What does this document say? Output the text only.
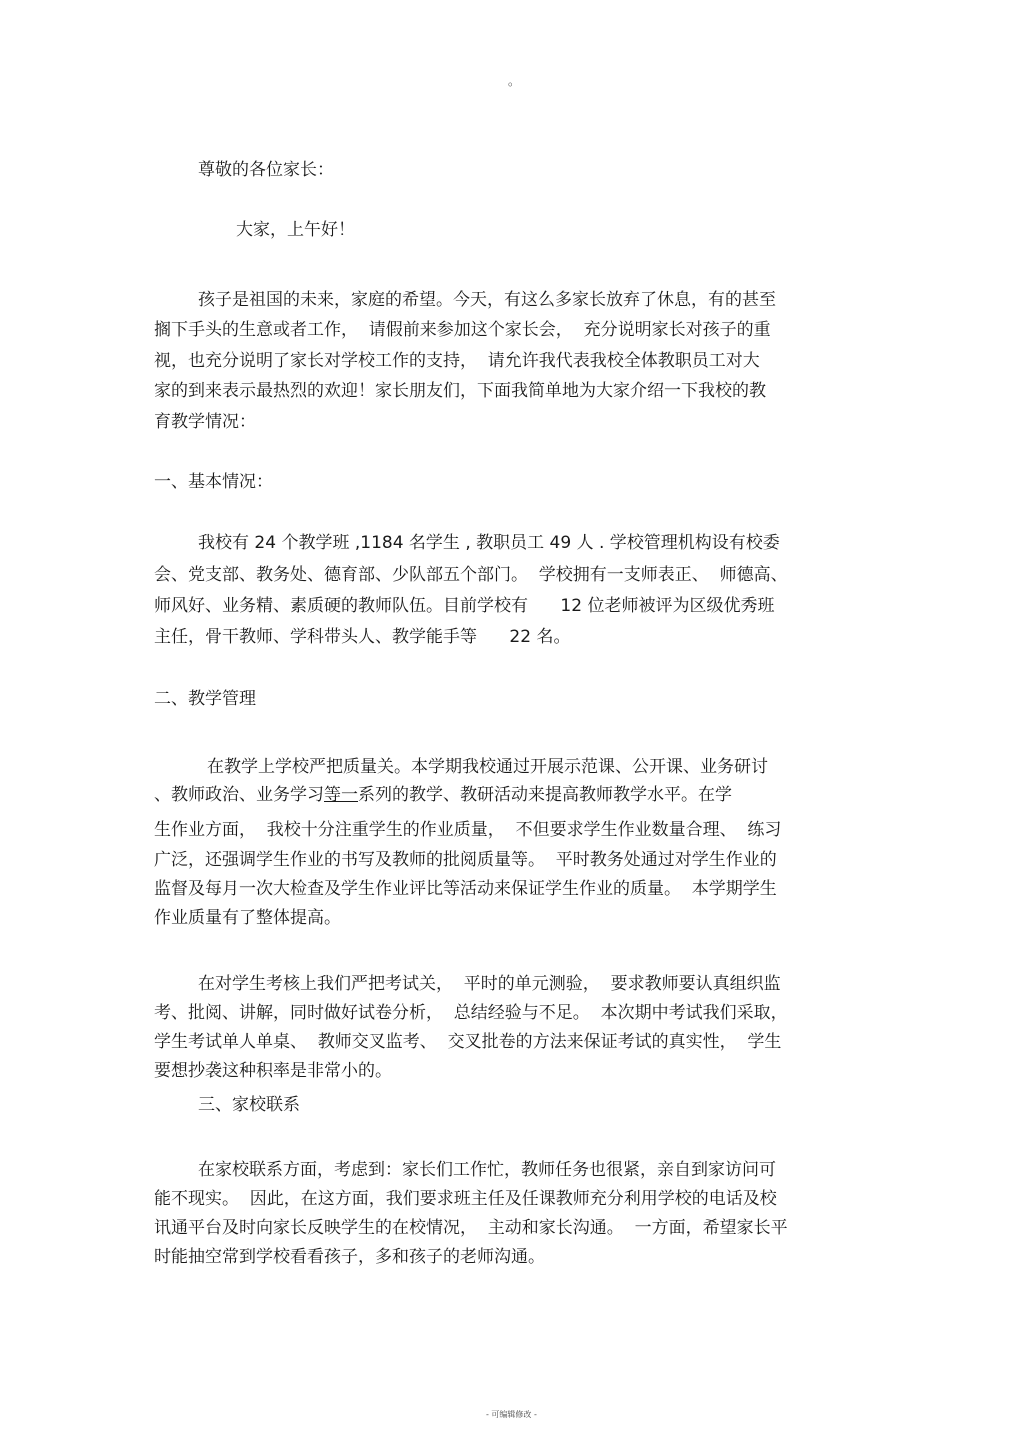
。
尊敬的各位家长：
大家，上午好！
孩子是祖国的未来，家庭的希望。今天，有这么多家长放弃了休息，有的甚至
搁下手头的生意或者工作，  请假前来参加这个家长会，  充分说明家长对孩子的重
视，也充分说明了家长对学校工作的支持，  请允许我代表我校全体教职员工对大
家的到来表示最热烈的欢迎！家长朋友们，下面我简单地为大家介绍一下我校的教
育教学情况：
一、基本情况：
我校有 24 个教学班 ,1184 名学生 , 教职员工 49 人 . 学校管理机构设有校委
会、党支部、教务处、德育部、少队部五个部门。  学校拥有一支师表正、  师德高、
师风好、业务精、素质硬的教师队伍。目前学校有      12 位老师被评为区级优秀班
主任，骨干教师、学科带头人、教学能手等      22 名。
二、教学管理
在教学上学校严把质量关。本学期我校通过开展示范课、公开课、业务研讨
、教师政治、业务学习等一系列的教学、教研活动来提高教师教学水平。在学
生作业方面，  我校十分注重学生的作业质量，  不但要求学生作业数量合理、  练习
广泛，还强调学生作业的书写及教师的批阅质量等。  平时教务处通过对学生作业的
监督及每月一次大检查及学生作业评比等活动来保证学生作业的质量。  本学期学生
作业质量有了整体提高。
在对学生考核上我们严把考试关，  平时的单元测验，  要求教师要认真组织监
考、批阅、讲解，同时做好试卷分析，  总结经验与不足。  本次期中考试我们采取，
学生考试单人单桌、  教师交叉监考、  交叉批卷的方法来保证考试的真实性，  学生
要想抄袭这种积率是非常小的。
三、家校联系
在家校联系方面，考虑到：家长们工作忙，教师任务也很紧，亲自到家访问可
能不现实。  因此，在这方面，我们要求班主任及任课教师充分利用学校的电话及校
讯通平台及时向家长反映学生的在校情况，  主动和家长沟通。  一方面，希望家长平
时能抽空常到学校看看孩子，多和孩子的老师沟通。
- 可编辑修改 -
